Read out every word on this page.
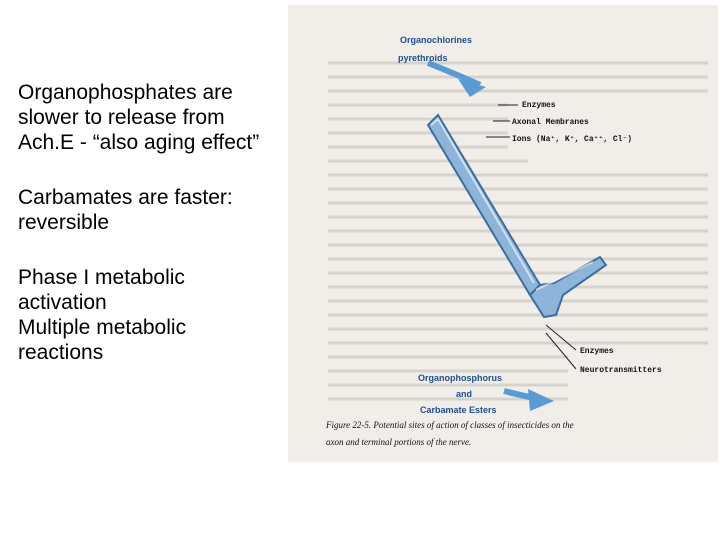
Organophosphates are
slower to release from
Ach.E - “also aging effect”

Carbamates are faster:
reversible

Phase I metabolic
activation
Multiple metabolic
reactions

Organochlorines
pyrethroids
Enzymes
Axonal Membranes
Ions (Na⁺, K⁺, Ca⁺⁺, Cl⁻)
Enzymes
Neurotransmitters
Organophosphorus
and
Carbamate Esters
Figure 22-5. Potential sites of action of classes of insecticides on the
axon and terminal portions of the nerve.
